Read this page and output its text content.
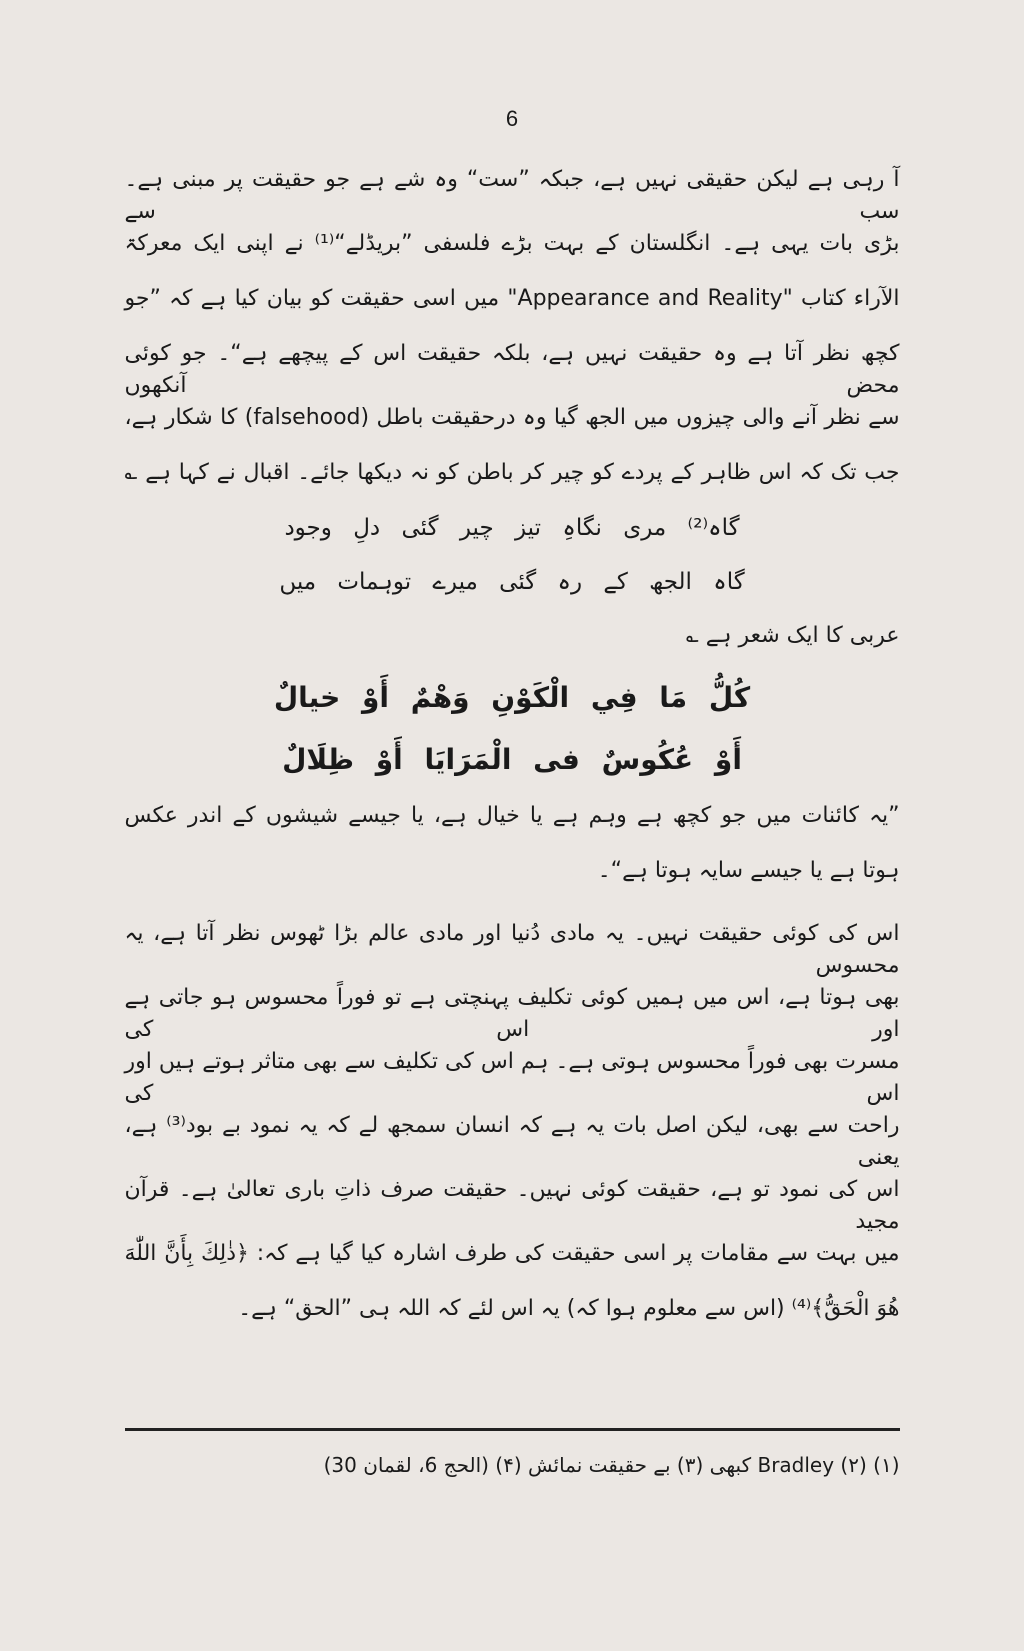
6
آ رہی ہے لیکن حقیقی نہیں ہے، جبکہ ”ست“ وہ شے ہے جو حقیقت پر مبنی ہے۔ سب سے
بڑی بات یہی ہے۔ انگلستان کے بہت بڑے فلسفی ”بریڈلے“⁽¹⁾ نے اپنی ایک معرکۃ
الآراء کتاب "Appearance and Reality" میں اسی حقیقت کو بیان کیا ہے کہ ”جو
کچھ نظر آتا ہے وہ حقیقت نہیں ہے، بلکہ حقیقت اس کے پیچھے ہے“۔ جو کوئی محض آنکھوں
سے نظر آنے والی چیزوں میں الجھ گیا وہ درحقیقت باطل (falsehood) کا شکار ہے،
جب تک کہ اس ظاہر کے پردے کو چیر کر باطن کو نہ دیکھا جائے۔ اقبال نے کہا ہے ؎
گاہ⁽²⁾ مری نگاہِ تیز چیر گئی دلِ وجود
گاہ الجھ کے رہ گئی میرے توہمات میں
عربی کا ایک شعر ہے ؎
كُلُّ مَا فِي الْكَوْنِ وَهْمٌ أَوْ خيالٌ
أَوْ عُكُوسٌ فى الْمَرَايَا أَوْ ظِلَالٌ
”یہ کائنات میں جو کچھ ہے وہم ہے یا خیال ہے، یا جیسے شیشوں کے اندر عکس
ہوتا ہے یا جیسے سایہ ہوتا ہے“۔
اس کی کوئی حقیقت نہیں۔ یہ مادی دُنیا اور مادی عالم بڑا ٹھوس نظر آتا ہے، یہ محسوس
بھی ہوتا ہے، اس میں ہمیں کوئی تکلیف پہنچتی ہے تو فوراً محسوس ہو جاتی ہے اور اس کی
مسرت بھی فوراً محسوس ہوتی ہے۔ ہم اس کی تکلیف سے بھی متاثر ہوتے ہیں اور اس کی
راحت سے بھی، لیکن اصل بات یہ ہے کہ انسان سمجھ لے کہ یہ نمود بے بود⁽³⁾ ہے، یعنی
اس کی نمود تو ہے، حقیقت کوئی نہیں۔ حقیقت صرف ذاتِ باری تعالیٰ ہے۔ قرآن مجید
میں بہت سے مقامات پر اسی حقیقت کی طرف اشارہ کیا گیا ہے کہ: ﴿ذٰلِكَ بِأَنَّ اللّٰهَ
هُوَ الْحَقُّ﴾⁽⁴⁾ (اس سے معلوم ہوا کہ) یہ اس لئے کہ اللہ ہی ”الحق“ ہے۔
(۱) Bradley (۲) کبھی (۳) بے حقیقت نمائش (۴) (الحج 6، لقمان 30)
